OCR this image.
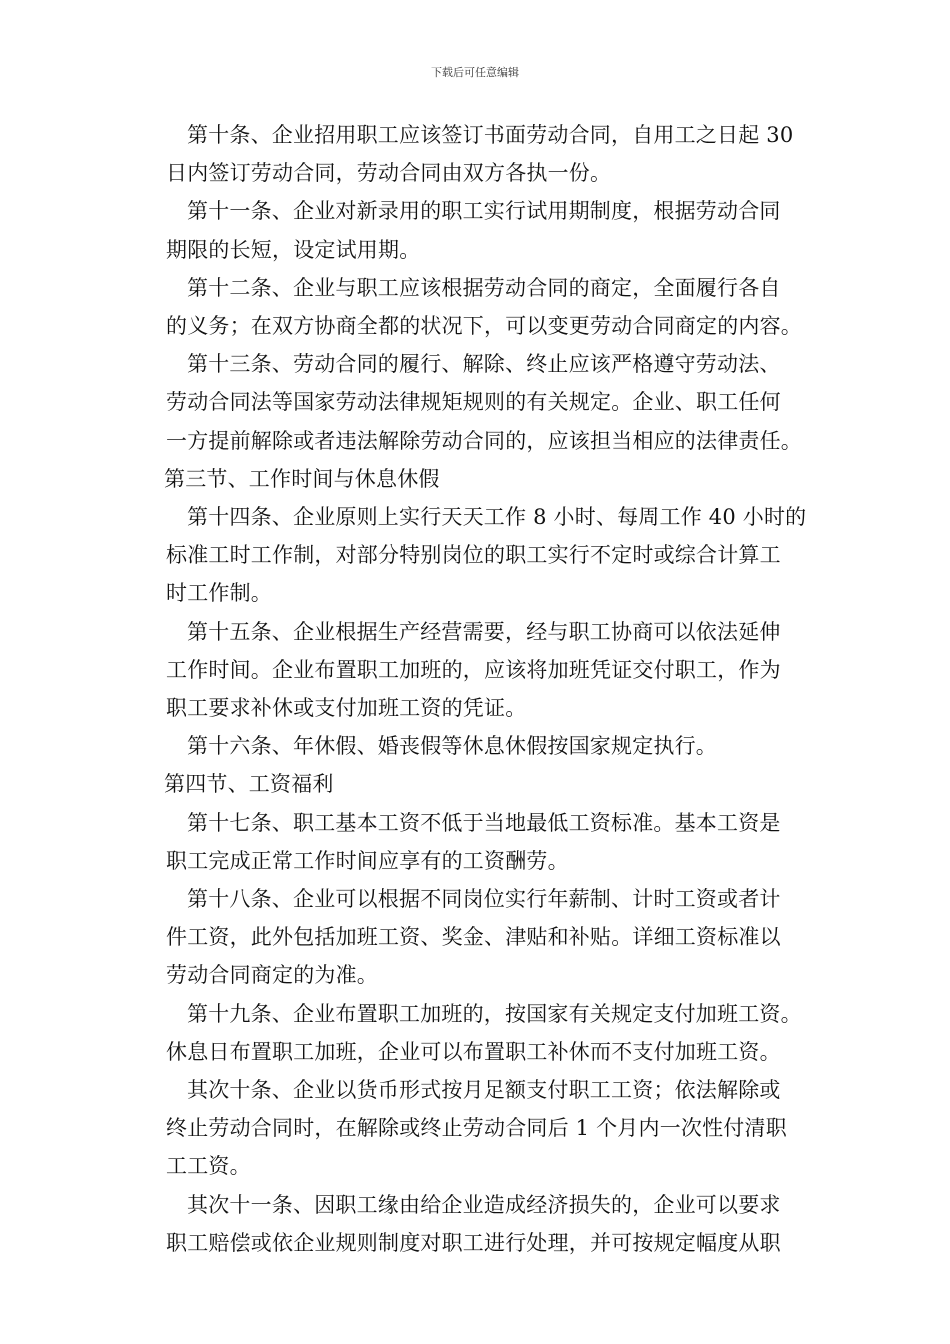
下载后可任意编辑

第十条、企业招用职工应该签订书面劳动合同，自用工之日起 30
日内签订劳动合同，劳动合同由双方各执一份。

第十一条、企业对新录用的职工实行试用期制度，根据劳动合同
期限的长短，设定试用期。

第十二条、企业与职工应该根据劳动合同的商定，全面履行各自
的义务；在双方协商全都的状况下，可以变更劳动合同商定的内容。

第十三条、劳动合同的履行、解除、终止应该严格遵守劳动法、
劳动合同法等国家劳动法律规矩规则的有关规定。企业、职工任何
一方提前解除或者违法解除劳动合同的，应该担当相应的法律责任。

第三节、工作时间与休息休假

第十四条、企业原则上实行天天工作 8 小时、每周工作 40 小时的
标准工时工作制，对部分特别岗位的职工实行不定时或综合计算工
时工作制。

第十五条、企业根据生产经营需要，经与职工协商可以依法延伸
工作时间。企业布置职工加班的，应该将加班凭证交付职工，作为
职工要求补休或支付加班工资的凭证。

第十六条、年休假、婚丧假等休息休假按国家规定执行。

第四节、工资福利

第十七条、职工基本工资不低于当地最低工资标准。基本工资是
职工完成正常工作时间应享有的工资酬劳。

第十八条、企业可以根据不同岗位实行年薪制、计时工资或者计
件工资，此外包括加班工资、奖金、津贴和补贴。详细工资标准以
劳动合同商定的为准。

第十九条、企业布置职工加班的，按国家有关规定支付加班工资。
休息日布置职工加班，企业可以布置职工补休而不支付加班工资。

其次十条、企业以货币形式按月足额支付职工工资；依法解除或
终止劳动合同时，在解除或终止劳动合同后 1 个月内一次性付清职
工工资。

其次十一条、因职工缘由给企业造成经济损失的，企业可以要求
职工赔偿或依企业规则制度对职工进行处理，并可按规定幅度从职
